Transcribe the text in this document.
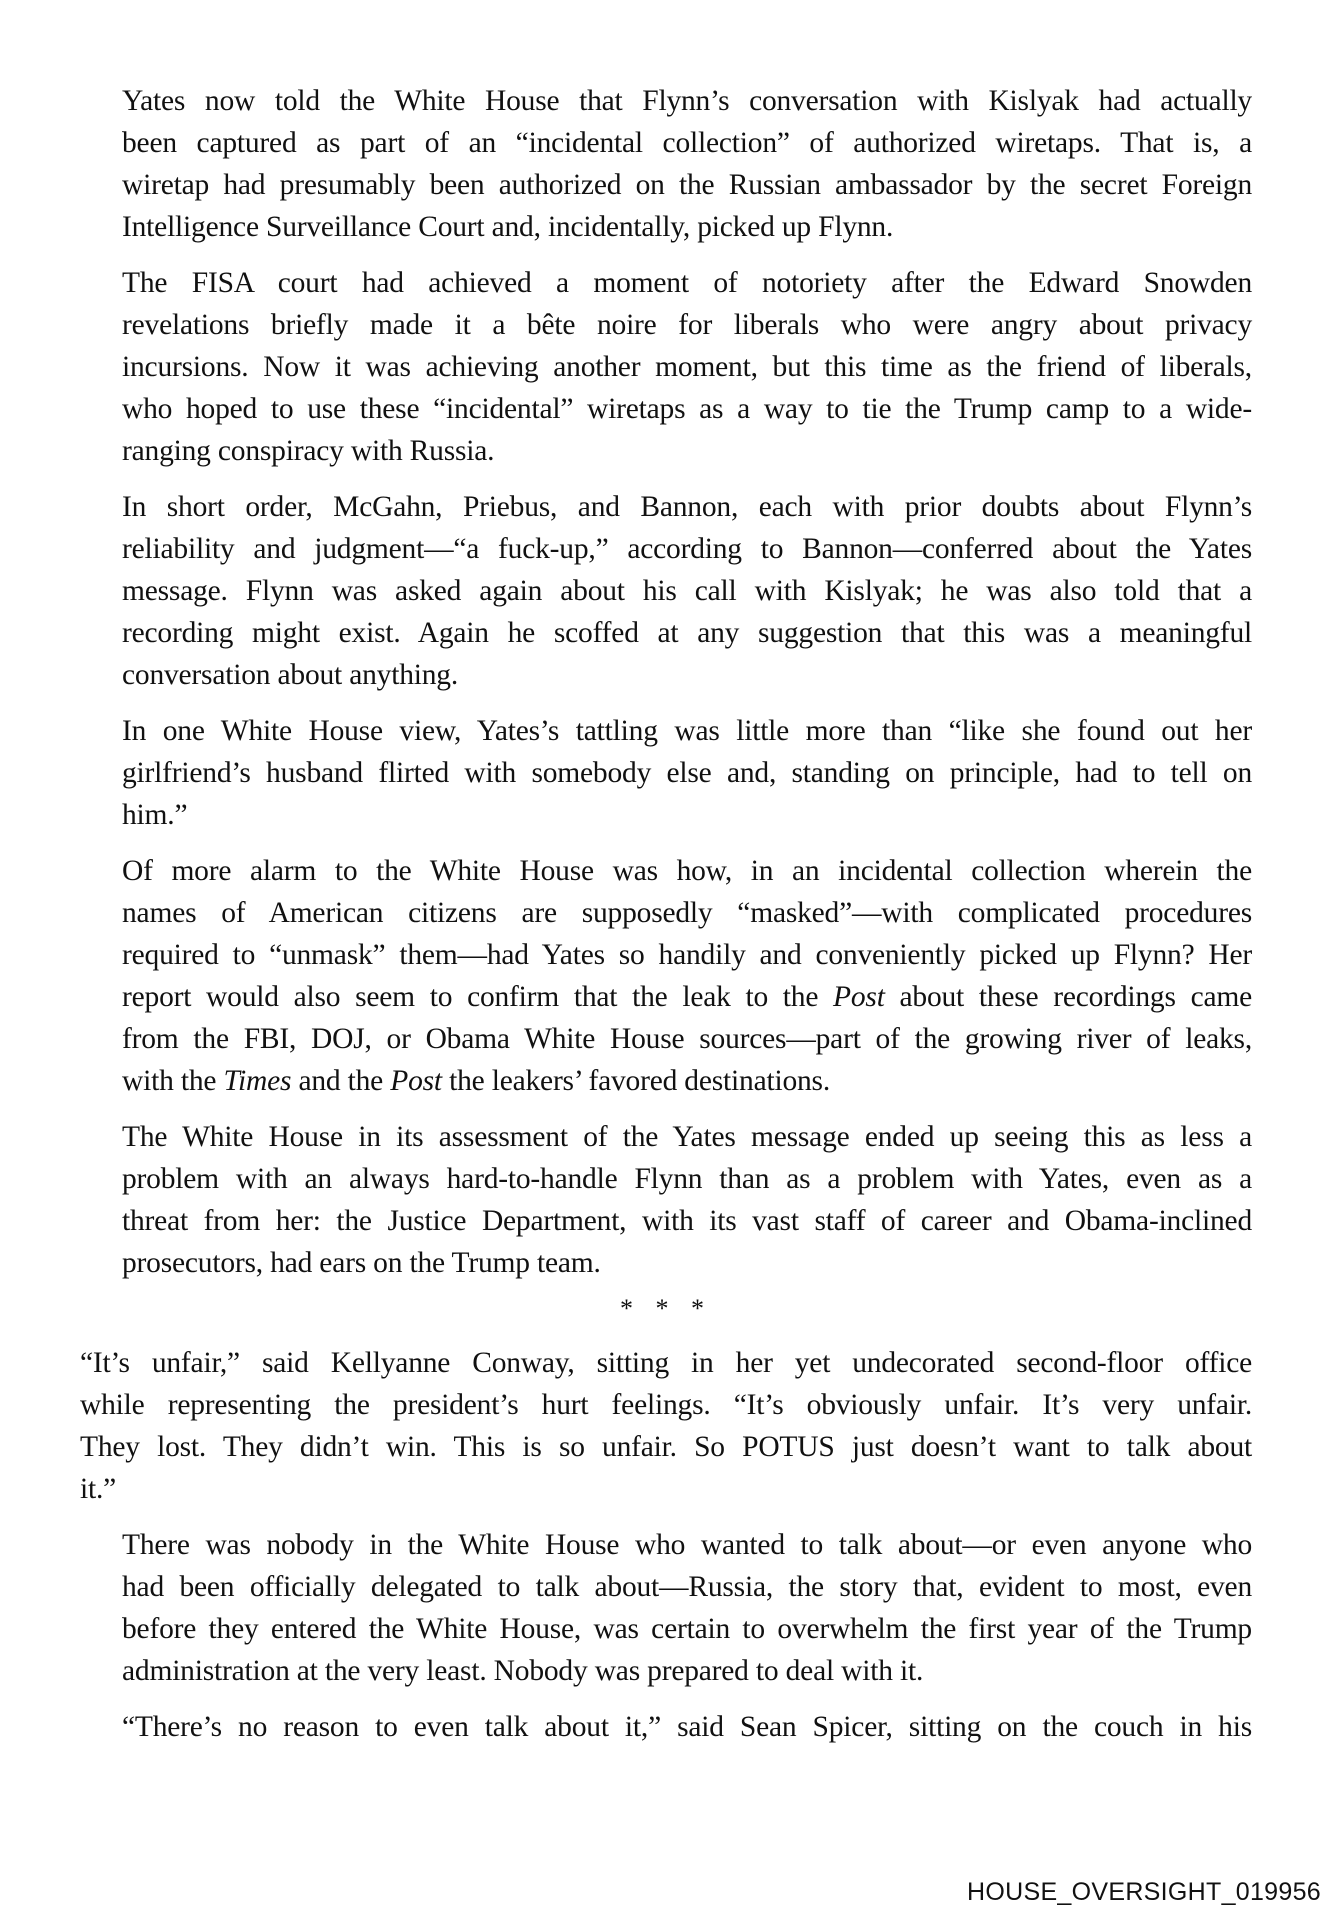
Yates now told the White House that Flynn’s conversation with Kislyak had actually
been captured as part of an “incidental collection” of authorized wiretaps. That is, a
wiretap had presumably been authorized on the Russian ambassador by the secret Foreign
Intelligence Surveillance Court and, incidentally, picked up Flynn.

The FISA court had achieved a moment of notoriety after the Edward Snowden
revelations briefly made it a bête noire for liberals who were angry about privacy
incursions. Now it was achieving another moment, but this time as the friend of liberals,
who hoped to use these “incidental” wiretaps as a way to tie the Trump camp to a wide-
ranging conspiracy with Russia.

In short order, McGahn, Priebus, and Bannon, each with prior doubts about Flynn’s
reliability and judgment—“a fuck-up,” according to Bannon—conferred about the Yates
message. Flynn was asked again about his call with Kislyak; he was also told that a
recording might exist. Again he scoffed at any suggestion that this was a meaningful
conversation about anything.

In one White House view, Yates’s tattling was little more than “like she found out her
girlfriend’s husband flirted with somebody else and, standing on principle, had to tell on
him.”

Of more alarm to the White House was how, in an incidental collection wherein the
names of American citizens are supposedly “masked”—with complicated procedures
required to “unmask” them—had Yates so handily and conveniently picked up Flynn? Her
report would also seem to confirm that the leak to the Post about these recordings came
from the FBI, DOJ, or Obama White House sources—part of the growing river of leaks,
with the Times and the Post the leakers’ favored destinations.

The White House in its assessment of the Yates message ended up seeing this as less a
problem with an always hard-to-handle Flynn than as a problem with Yates, even as a
threat from her: the Justice Department, with its vast staff of career and Obama-inclined
prosecutors, had ears on the Trump team.

* * *

“It’s unfair,” said Kellyanne Conway, sitting in her yet undecorated second-floor office
while representing the president’s hurt feelings. “It’s obviously unfair. It’s very unfair.
They lost. They didn’t win. This is so unfair. So POTUS just doesn’t want to talk about
it.”

There was nobody in the White House who wanted to talk about—or even anyone who
had been officially delegated to talk about—Russia, the story that, evident to most, even
before they entered the White House, was certain to overwhelm the first year of the Trump
administration at the very least. Nobody was prepared to deal with it.

“There’s no reason to even talk about it,” said Sean Spicer, sitting on the couch in his

HOUSE_OVERSIGHT_019956
